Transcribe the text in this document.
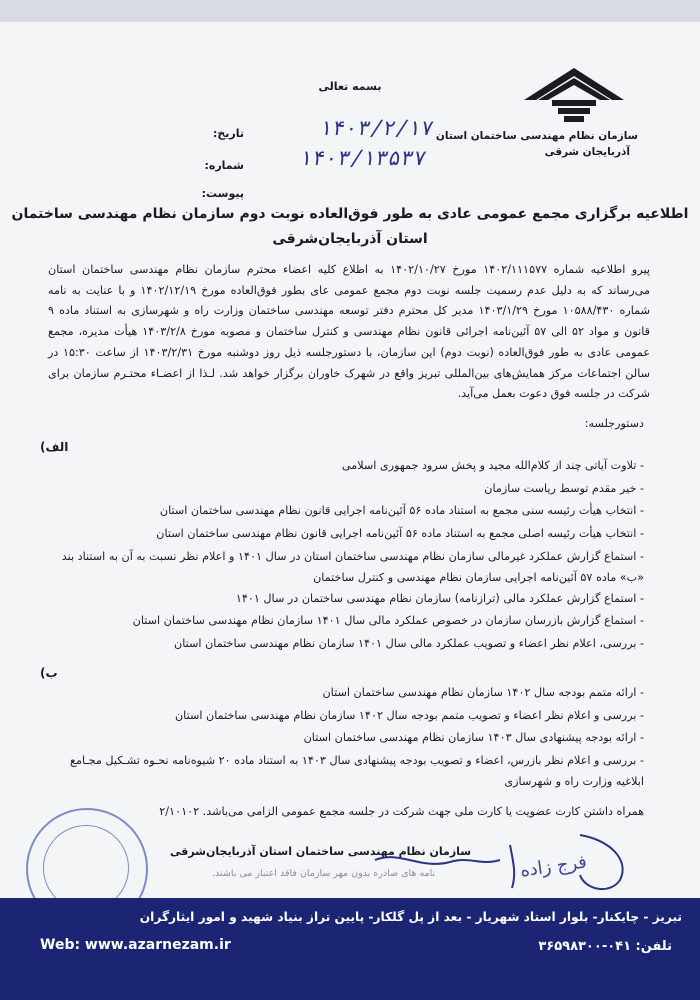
بسمه تعالی
سازمان نظام مهندسی ساختمان استان
آذربایجان شرقی
تاریخ:	۱۴۰۳/۲/۱۷
شماره:	۱۴۰۳/۱۳۵۳۷
پیوست:
اطلاعیه برگزاری مجمع عمومی عادی به طور فوق‌العاده نوبت دوم سازمان نظام مهندسی ساختمان
استان آذربایجان‌شرقی
پیرو اطلاعیه شماره ۱۴۰۲/۱۱۱۵۷۷ مورخ ۱۴۰۲/۱۰/۲۷ به اطلاع کلیه اعضاء محترم سازمان نظام مهندسی ساختمان استان می‌رساند که به دلیل عدم رسمیت جلسه نوبت دوم مجمع عمومی عای بطور فوق‌العاده مورخ ۱۴۰۲/۱۲/۱۹ و با عنایت به نامه شماره ۱۰۵۸۸/۴۳۰ مورخ ۱۴۰۳/۱/۲۹ مدیر کل محترم دفتر توسعه مهندسی ساختمان وزارت راه و شهرسازی به استناد ماده ۹ قانون و مواد ۵۲ الی ۵۷ آئین‌نامه اجرائی قانون نظام مهندسی و کنترل ساختمان و مصوبه مورخ ۱۴۰۳/۲/۸ هیأت مدیره، مجمع عمومی عادی به طور فوق‌العاده (نوبت دوم) این سازمان، با دستورجلسه ذیل روز دوشنبه مورخ ۱۴۰۳/۲/۳۱ از ساعت ۱۵:۳۰ در سالن اجتماعات مرکز همایش‌های بین‌المللی تبریز واقع در شهرک خاوران برگزار خواهد شد. لـذا از اعضـاء محتـرم سازمان برای شرکت در جلسه فوق دعوت بعمل می‌آید.
دستورجلسه:
الف)
- تلاوت آیاتی چند از کلام‌الله مجید و پخش سرود جمهوری اسلامی
- خیر مقدم توسط ریاست سازمان
- انتخاب هیأت رئیسه سنی مجمع به استناد ماده ۵۶ آئین‌نامه اجرایی قانون نظام مهندسی ساختمان استان
- انتخاب هیأت رئیسه اصلی مجمع به استناد ماده ۵۶ آئین‌نامه اجرایی قانون نظام مهندسی ساختمان استان
- استماع گزارش عملکرد غیرمالی سازمان نظام مهندسی ساختمان استان در سال ۱۴۰۱ و اعلام نظر نسبت به آن به استناد بند «ب» ماده ۵۷ آئین‌نامه اجرایی سازمان نظام مهندسی و کنترل ساختمان
- استماع گزارش عملکرد مالی (ترازنامه) سازمان نظام مهندسی ساختمان در سال ۱۴۰۱
- استماع گزارش بازرسان سازمان در خصوص عملکرد مالی سال ۱۴۰۱ سازمان نظام مهندسی ساختمان استان
- بررسی، اعلام نظر اعضاء و تصویب عملکرد مالی سال ۱۴۰۱ سازمان نظام مهندسی ساختمان استان
ب)
- ارائه متمم بودجه سال ۱۴۰۲ سازمان نظام مهندسی ساختمان استان
- بررسی و اعلام نظر اعضاء و تصویب متمم بودجه سال ۱۴۰۲ سازمان نظام مهندسی ساختمان استان
- ارائه بودجه پیشنهادی سال ۱۴۰۳ سازمان نظام مهندسی ساختمان استان
- بررسی و اعلام نظر بازرس، اعضاء و تصویب بودجه پیشنهادی سال ۱۴۰۳ به استناد ماده ۲۰ شیوه‌نامه نحـوه تشـکیل مجـامع ابلاغیه وزارت راه و شهرسازی
همراه داشتن کارت عضویت یا کارت ملی جهت شرکت در جلسه مجمع عمومی الزامی می‌باشد. ۲/۱۰۱۰۲
سازمان نظام مهندسی ساختمان استان آذربایجان‌شرقی
نامه های صادره بدون مهر سازمان فاقد اعتبار می باشند.	فرج زاده
تبریز - چایکنار- بلوار استاد شهریار - بعد از پل گلکار- پایین تراز بنیاد شهید و امور ایثارگران
Web: www.azarnezam.ir	تلفن: ۰۴۱-۳۶۵۹۸۳۰۰
